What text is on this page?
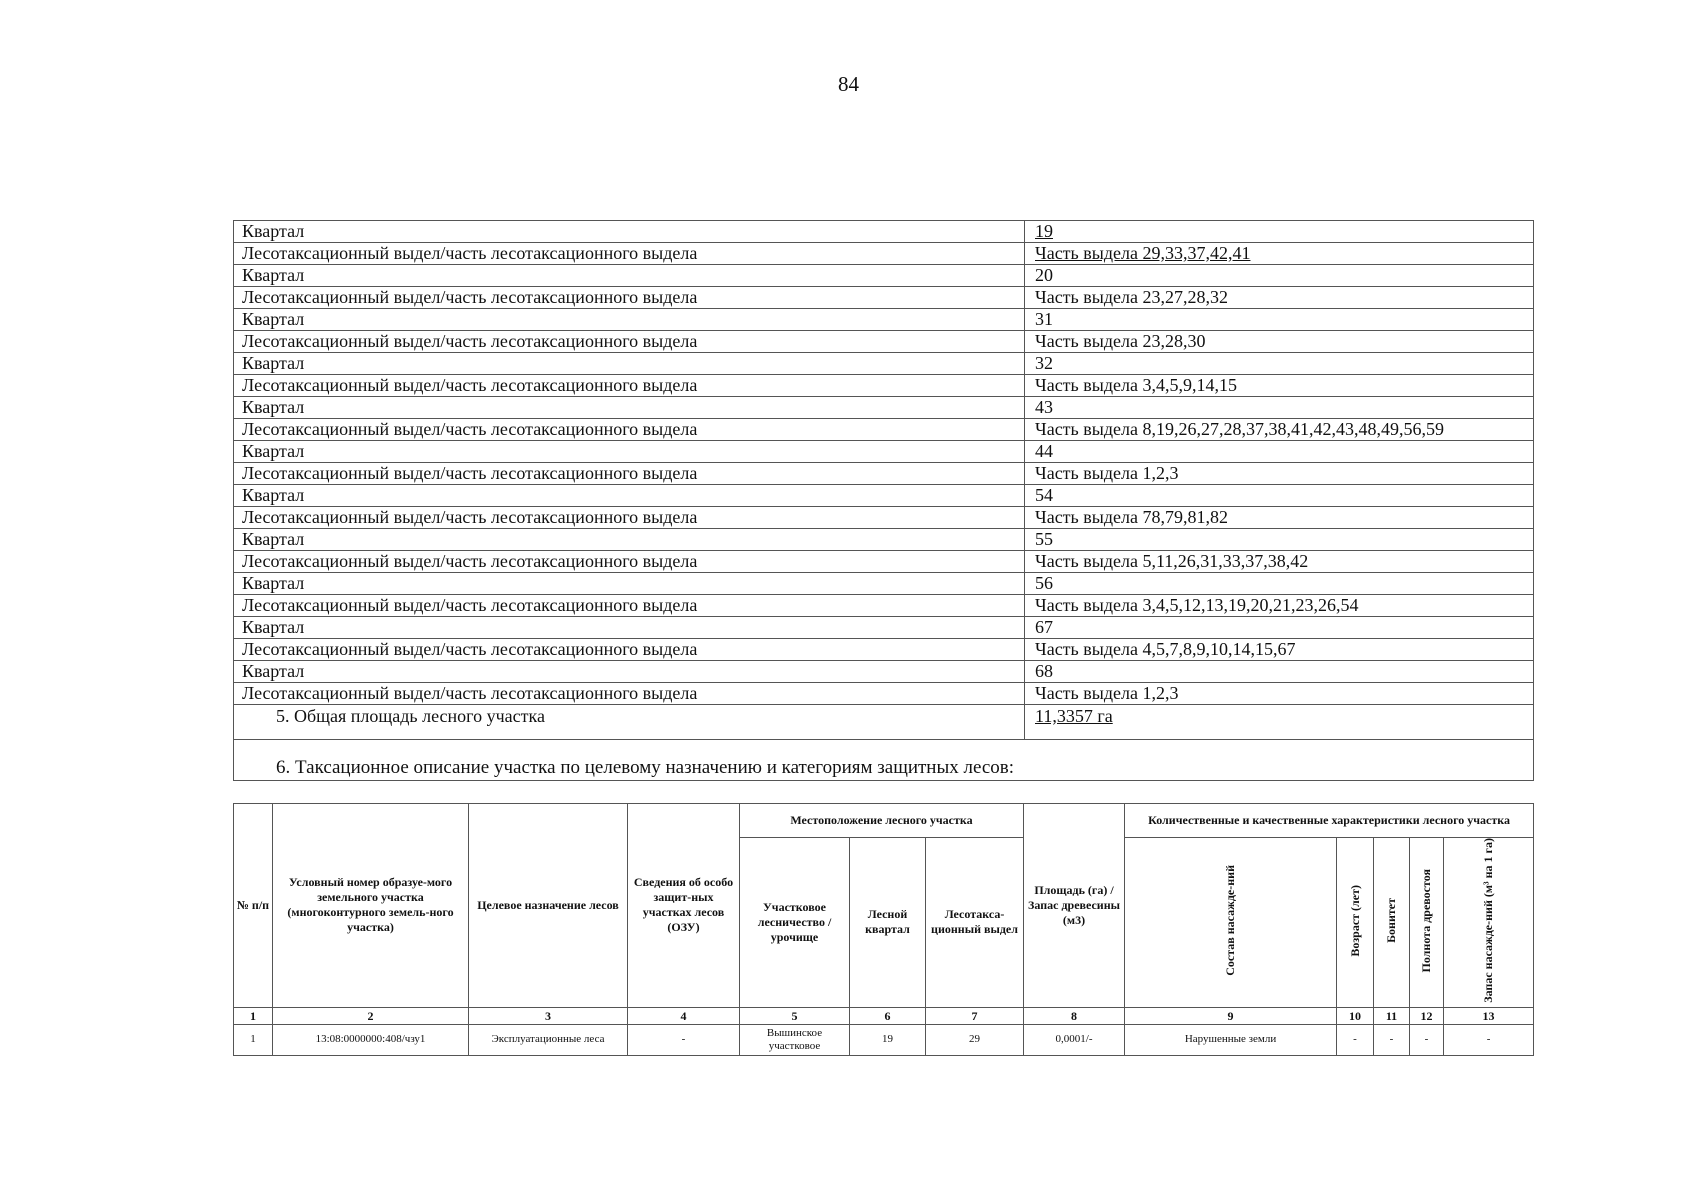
84
Квартал	19
Лесотаксационный выдел/часть лесотаксационного выдела	Часть выдела 29,33,37,42,41
Квартал	20
Лесотаксационный выдел/часть лесотаксационного выдела	Часть выдела 23,27,28,32
Квартал	31
Лесотаксационный выдел/часть лесотаксационного выдела	Часть выдела 23,28,30
Квартал	32
Лесотаксационный выдел/часть лесотаксационного выдела	Часть выдела 3,4,5,9,14,15
Квартал	43
Лесотаксационный выдел/часть лесотаксационного выдела	Часть выдела 8,19,26,27,28,37,38,41,42,43,48,49,56,59
Квартал	44
Лесотаксационный выдел/часть лесотаксационного выдела	Часть выдела 1,2,3
Квартал	54
Лесотаксационный выдел/часть лесотаксационного выдела	Часть выдела 78,79,81,82
Квартал	55
Лесотаксационный выдел/часть лесотаксационного выдела	Часть выдела 5,11,26,31,33,37,38,42
Квартал	56
Лесотаксационный выдел/часть лесотаксационного выдела	Часть выдела 3,4,5,12,13,19,20,21,23,26,54
Квартал	67
Лесотаксационный выдел/часть лесотаксационного выдела	Часть выдела 4,5,7,8,9,10,14,15,67
Квартал	68
Лесотаксационный выдел/часть лесотаксационного выдела	Часть выдела 1,2,3
5. Общая площадь лесного участка	11,3357 га
6. Таксационное описание участка по целевому назначению и категориям защитных лесов:	
№ п/п	Условный номер образуе-мого земельного участка (многоконтурного земель-ного участка)	Целевое назначение лесов	Сведения об особо защит-ных участках лесов (ОЗУ)	Местоположение лесного участка			Площадь (га) / Запас древесины (м3)	Количественные и качественные характеристики лесного участка				
				Участковое лесничество / урочище	Лесной квартал	Лесотакса-ционный выдел		Состав насажде-ний	Возраст (лет)	Бонитет	Полнота древостоя	Запас насажде-ний (м³ на 1 га)
1	2	3	4	5	6	7	8	9	10	11	12	13
1	13:08:0000000:408/чзу1	Эксплуатационные леса	-	Вышинское участковое	19	29	0,0001/-	Нарушенные земли	-	-	-	-
